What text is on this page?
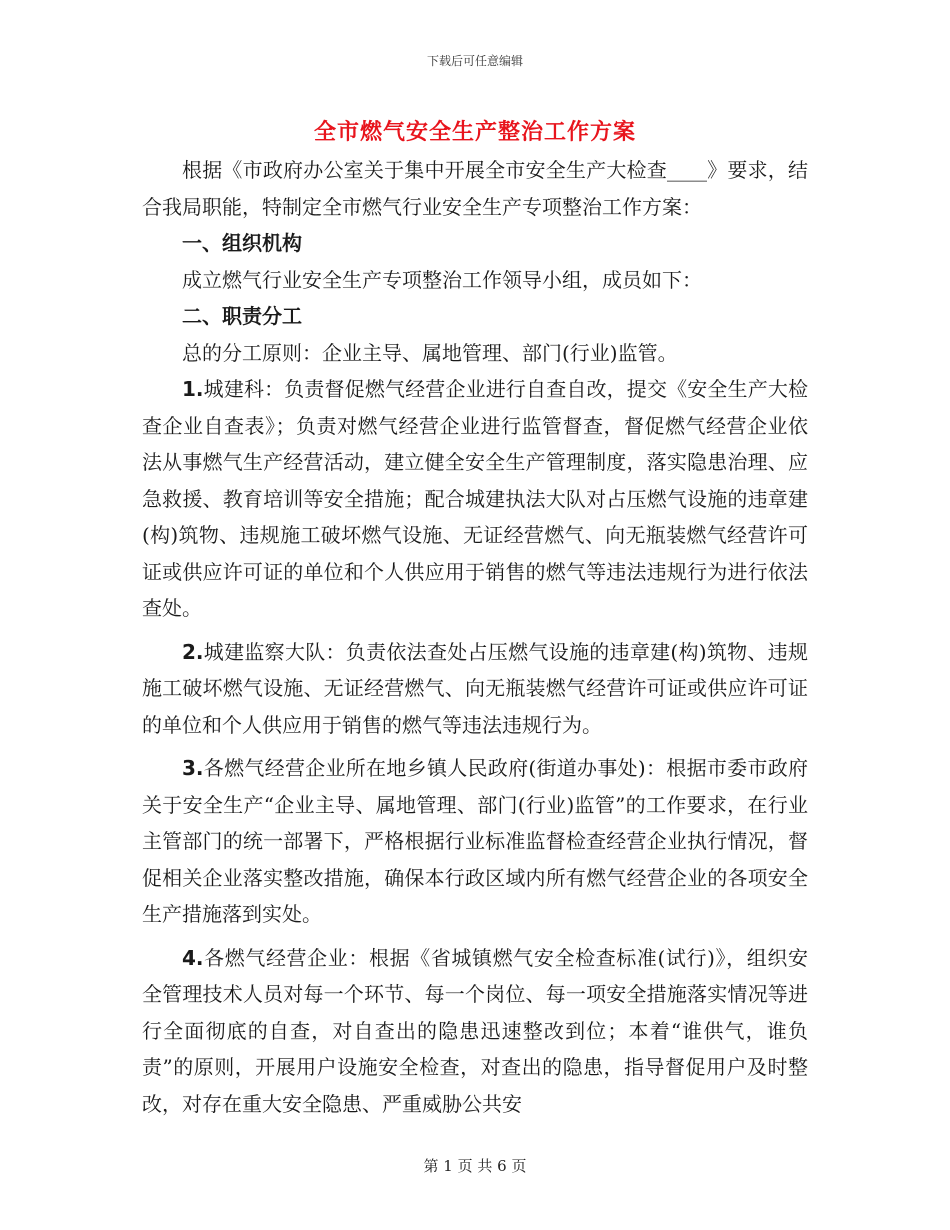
下载后可任意编辑
全市燃气安全生产整治工作方案

根据《市政府办公室关于集中开展全市安全生产大检查____》要求，结合我局职能，特制定全市燃气行业安全生产专项整治工作方案：

一、组织机构

成立燃气行业安全生产专项整治工作领导小组，成员如下：

二、职责分工

总的分工原则：企业主导、属地管理、部门(行业)监管。

1.城建科：负责督促燃气经营企业进行自查自改，提交《安全生产大检查企业自查表》；负责对燃气经营企业进行监管督查，督促燃气经营企业依法从事燃气生产经营活动，建立健全安全生产管理制度，落实隐患治理、应急救援、教育培训等安全措施；配合城建执法大队对占压燃气设施的违章建(构)筑物、违规施工破坏燃气设施、无证经营燃气、向无瓶装燃气经营许可证或供应许可证的单位和个人供应用于销售的燃气等违法违规行为进行依法查处。

2.城建监察大队：负责依法查处占压燃气设施的违章建(构)筑物、违规施工破坏燃气设施、无证经营燃气、向无瓶装燃气经营许可证或供应许可证的单位和个人供应用于销售的燃气等违法违规行为。

3.各燃气经营企业所在地乡镇人民政府(街道办事处)：根据市委市政府关于安全生产“企业主导、属地管理、部门(行业)监管”的工作要求，在行业主管部门的统一部署下，严格根据行业标准监督检查经营企业执行情况，督促相关企业落实整改措施，确保本行政区域内所有燃气经营企业的各项安全生产措施落到实处。

4.各燃气经营企业：根据《省城镇燃气安全检查标准(试行)》，组织安全管理技术人员对每一个环节、每一个岗位、每一项安全措施落实情况等进行全面彻底的自查，对自查出的隐患迅速整改到位；本着“谁供气，谁负责”的原则，开展用户设施安全检查，对查出的隐患，指导督促用户及时整改，对存在重大安全隐患、严重威胁公共安

第 1 页 共 6 页
